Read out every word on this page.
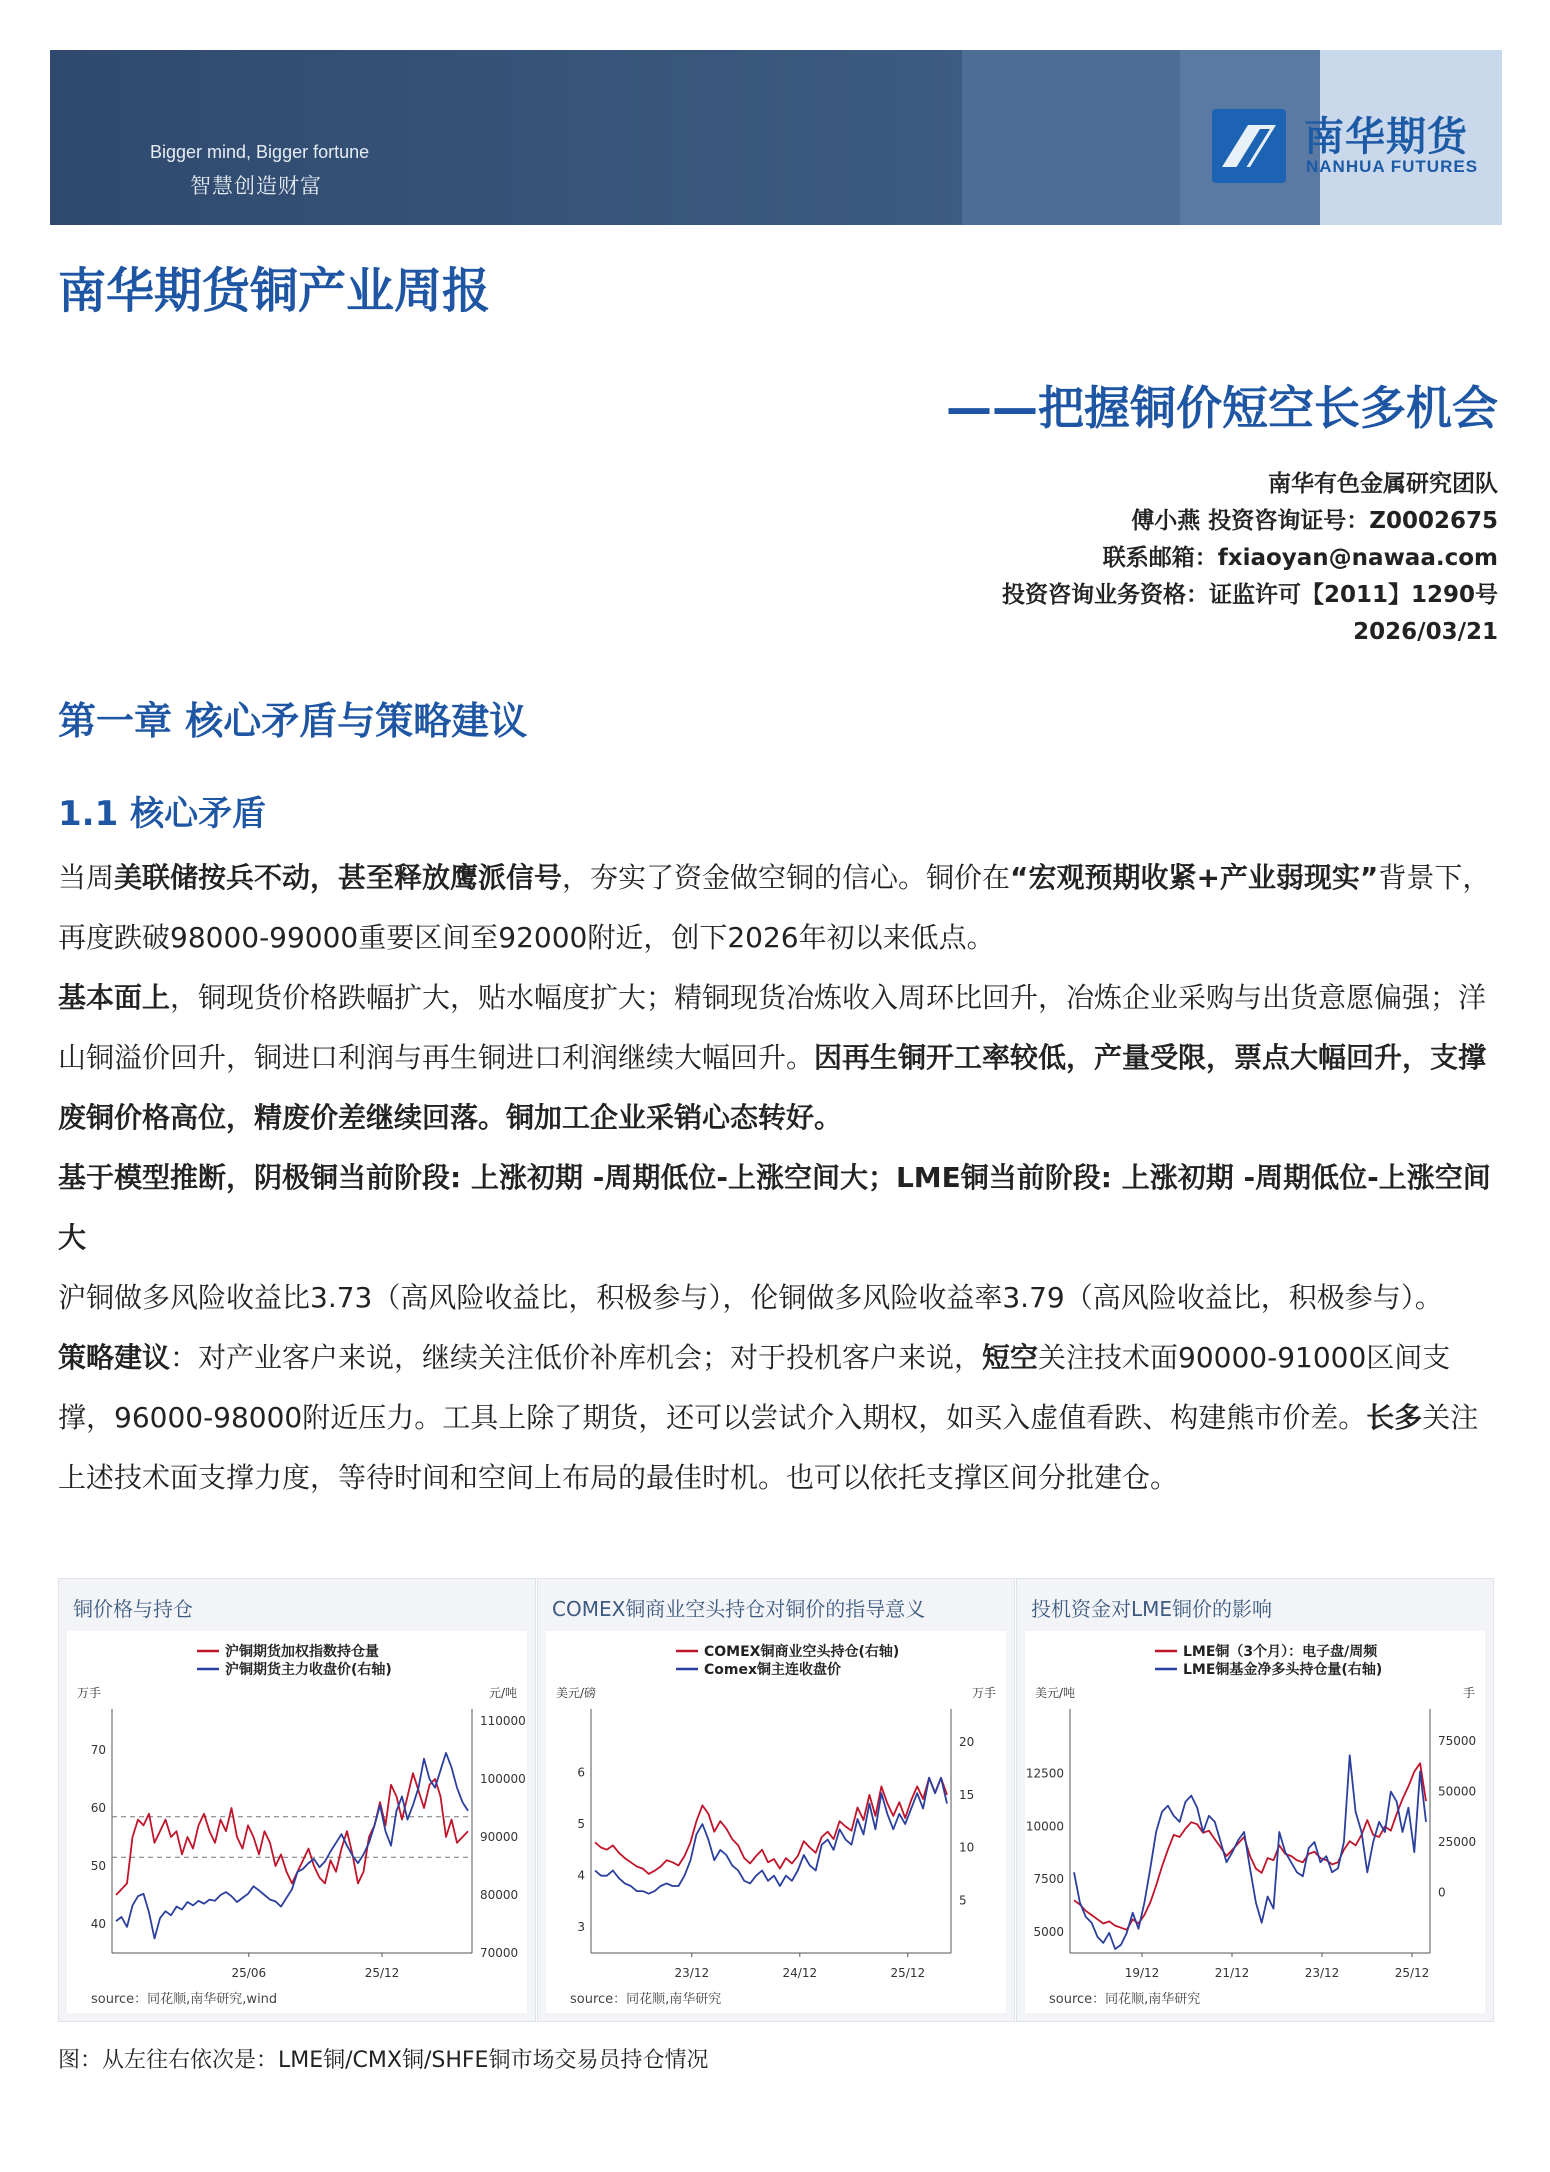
Bigger mind, Bigger fortune
智慧创造财富
南华期货
NANHUA FUTURES
南华期货铜产业周报
——把握铜价短空长多机会
南华有色金属研究团队
傅小燕 投资咨询证号：Z0002675
联系邮箱：fxiaoyan@nawaa.com
投资咨询业务资格：证监许可【2011】1290号
2026/03/21
第一章 核心矛盾与策略建议
1.1 核心矛盾

当周美联储按兵不动，甚至释放鹰派信号，夯实了资金做空铜的信心。铜价在“宏观预期收紧+产业弱现实”背景下，再度跌破98000-99000重要区间至92000附近，创下2026年初以来低点。

基本面上，铜现货价格跌幅扩大，贴水幅度扩大；精铜现货冶炼收入周环比回升，冶炼企业采购与出货意愿偏强；洋山铜溢价回升，铜进口利润与再生铜进口利润继续大幅回升。因再生铜开工率较低，产量受限，票点大幅回升，支撑废铜价格高位，精废价差继续回落。铜加工企业采销心态转好。

基于模型推断，阴极铜当前阶段: 上涨初期 -周期低位-上涨空间大；LME铜当前阶段: 上涨初期 -周期低位-上涨空间大

沪铜做多风险收益比3.73（高风险收益比，积极参与），伦铜做多风险收益率3.79（高风险收益比，积极参与）。

策略建议：对产业客户来说，继续关注低价补库机会；对于投机客户来说，短空关注技术面90000-91000区间支撑，96000-98000附近压力。工具上除了期货，还可以尝试介入期权，如买入虚值看跌、构建熊市价差。长多关注上述技术面支撑力度，等待时间和空间上布局的最佳时机。也可以依托支撑区间分批建仓。

铜价格与持仓
沪铜期货加权指数持仓量
沪铜期货主力收盘价(右轴)
万手	元/吨
70
60
50
40
110000
100000
90000
80000
70000
25/06	25/12
source：同花顺,南华研究,wind
COMEX铜商业空头持仓对铜价的指导意义
COMEX铜商业空头持仓(右轴)
Comex铜主连收盘价
美元/磅	万手
6
5
4
3
20
15
10
5
23/12	24/12	25/12
source：同花顺,南华研究
投机资金对LME铜价的影响
LME铜（3个月）：电子盘/周频
LME铜基金净多头持仓量(右轴)
美元/吨	手
12500
10000
7500
5000
75000
50000
25000
0
19/12	21/12	23/12	25/12
source：同花顺,南华研究
图：从左往右依次是：LME铜/CMX铜/SHFE铜市场交易员持仓情况
